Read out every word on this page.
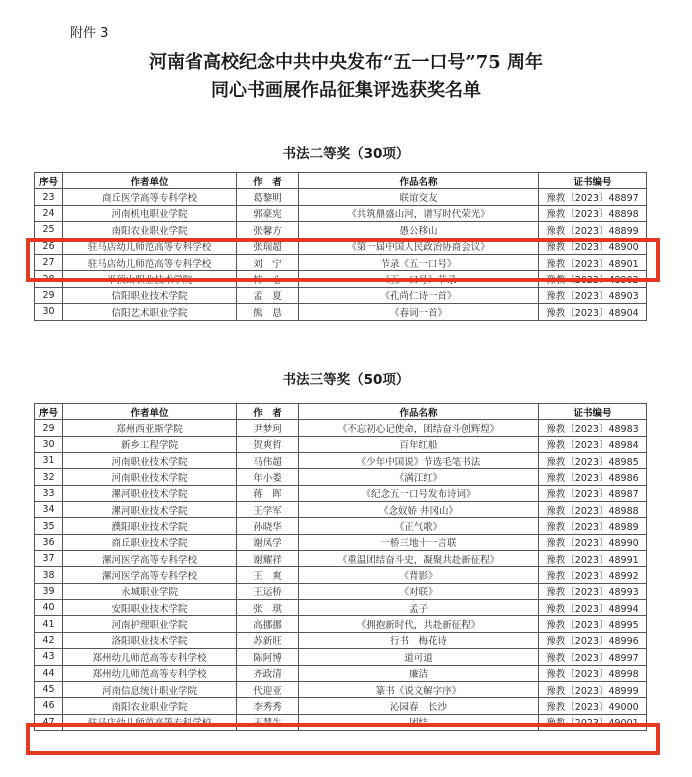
附件 3
河南省高校纪念中共中央发布“五一口号”75 周年
同心书画展作品征集评选获奖名单
书法二等奖（30项）
序号	作者单位	作　者	作品名称	证书编号
23	商丘医学高等专科学校	葛黎明	联谊交友	豫教〔2023〕48897
24	河南机电职业学院	郭豪宪	《共筑鼎盛山河，谱写时代荣光》	豫教〔2023〕48898
25	南阳农业职业学院	张馨方	愚公移山	豫教〔2023〕48899
26	驻马店幼儿师范高等专科学校	张瑞超	《第一届中国人民政治协商会议》	豫教〔2023〕48900
27	驻马店幼儿师范高等专科学校	刘　宁	节录《五一口号》	豫教〔2023〕48901
28	平顶山职业技术学院	韩一心	《五一口号》节录	豫教〔2023〕48902
29	信阳职业技术学院	孟　夏	《孔尚仁诗一首》	豫教〔2023〕48903
30	信阳艺术职业学院	熊　恳	《春词一首》	豫教〔2023〕48904
书法三等奖（50项）
序号	作者单位	作　者	作品名称	证书编号
29	郑州西亚斯学院	尹梦珂	《不忘初心记使命，团结奋斗创辉煌》	豫教〔2023〕48983
30	新乡工程学院	贺爽哲	百年红船	豫教〔2023〕48984
31	河南职业技术学院	马伟超	《少年中国说》节选毛笔书法	豫教〔2023〕48985
32	河南职业技术学院	年小娄	《满江红》	豫教〔2023〕48986
33	漯河职业技术学院	蒋　晖	《纪念五一口号发布诗词》	豫教〔2023〕48987
34	漯河职业技术学院	王学军	《念奴娇 井冈山》	豫教〔2023〕48988
35	濮阳职业技术学院	孙晓华	《正气歌》	豫教〔2023〕48989
36	商丘职业技术学院	谢凤学	一桥三地十一言联	豫教〔2023〕48990
37	漯河医学高等专科学校	谢耀祥	《重温团结奋斗史，凝聚共赴新征程》	豫教〔2023〕48991
38	漯河医学高等专科学校	王　爽	《背影》	豫教〔2023〕48992
39	永城职业学院	王运桥	《对联》	豫教〔2023〕48993
40	安阳职业技术学院	张　琪	孟子	豫教〔2023〕48994
41	河南护理职业学院	高挪挪	《拥抱新时代，共赴新征程》	豫教〔2023〕48995
42	洛阳职业技术学院	苏新旺	行书　梅花诗	豫教〔2023〕48996
43	郑州幼儿师范高等专科学校	陈阿博	道可道	豫教〔2023〕48997
44	郑州幼儿师范高等专科学校	齐政清	廉洁	豫教〔2023〕48998
45	河南信息统计职业学院	代迎亚	篆书《说文解字序》	豫教〔2023〕48999
46	南阳农业职业学院	李秀秀	沁园春　长沙	豫教〔2023〕49000
47	驻马店幼儿师范高等专科学校	王慧生	团结	豫教〔2023〕49001
